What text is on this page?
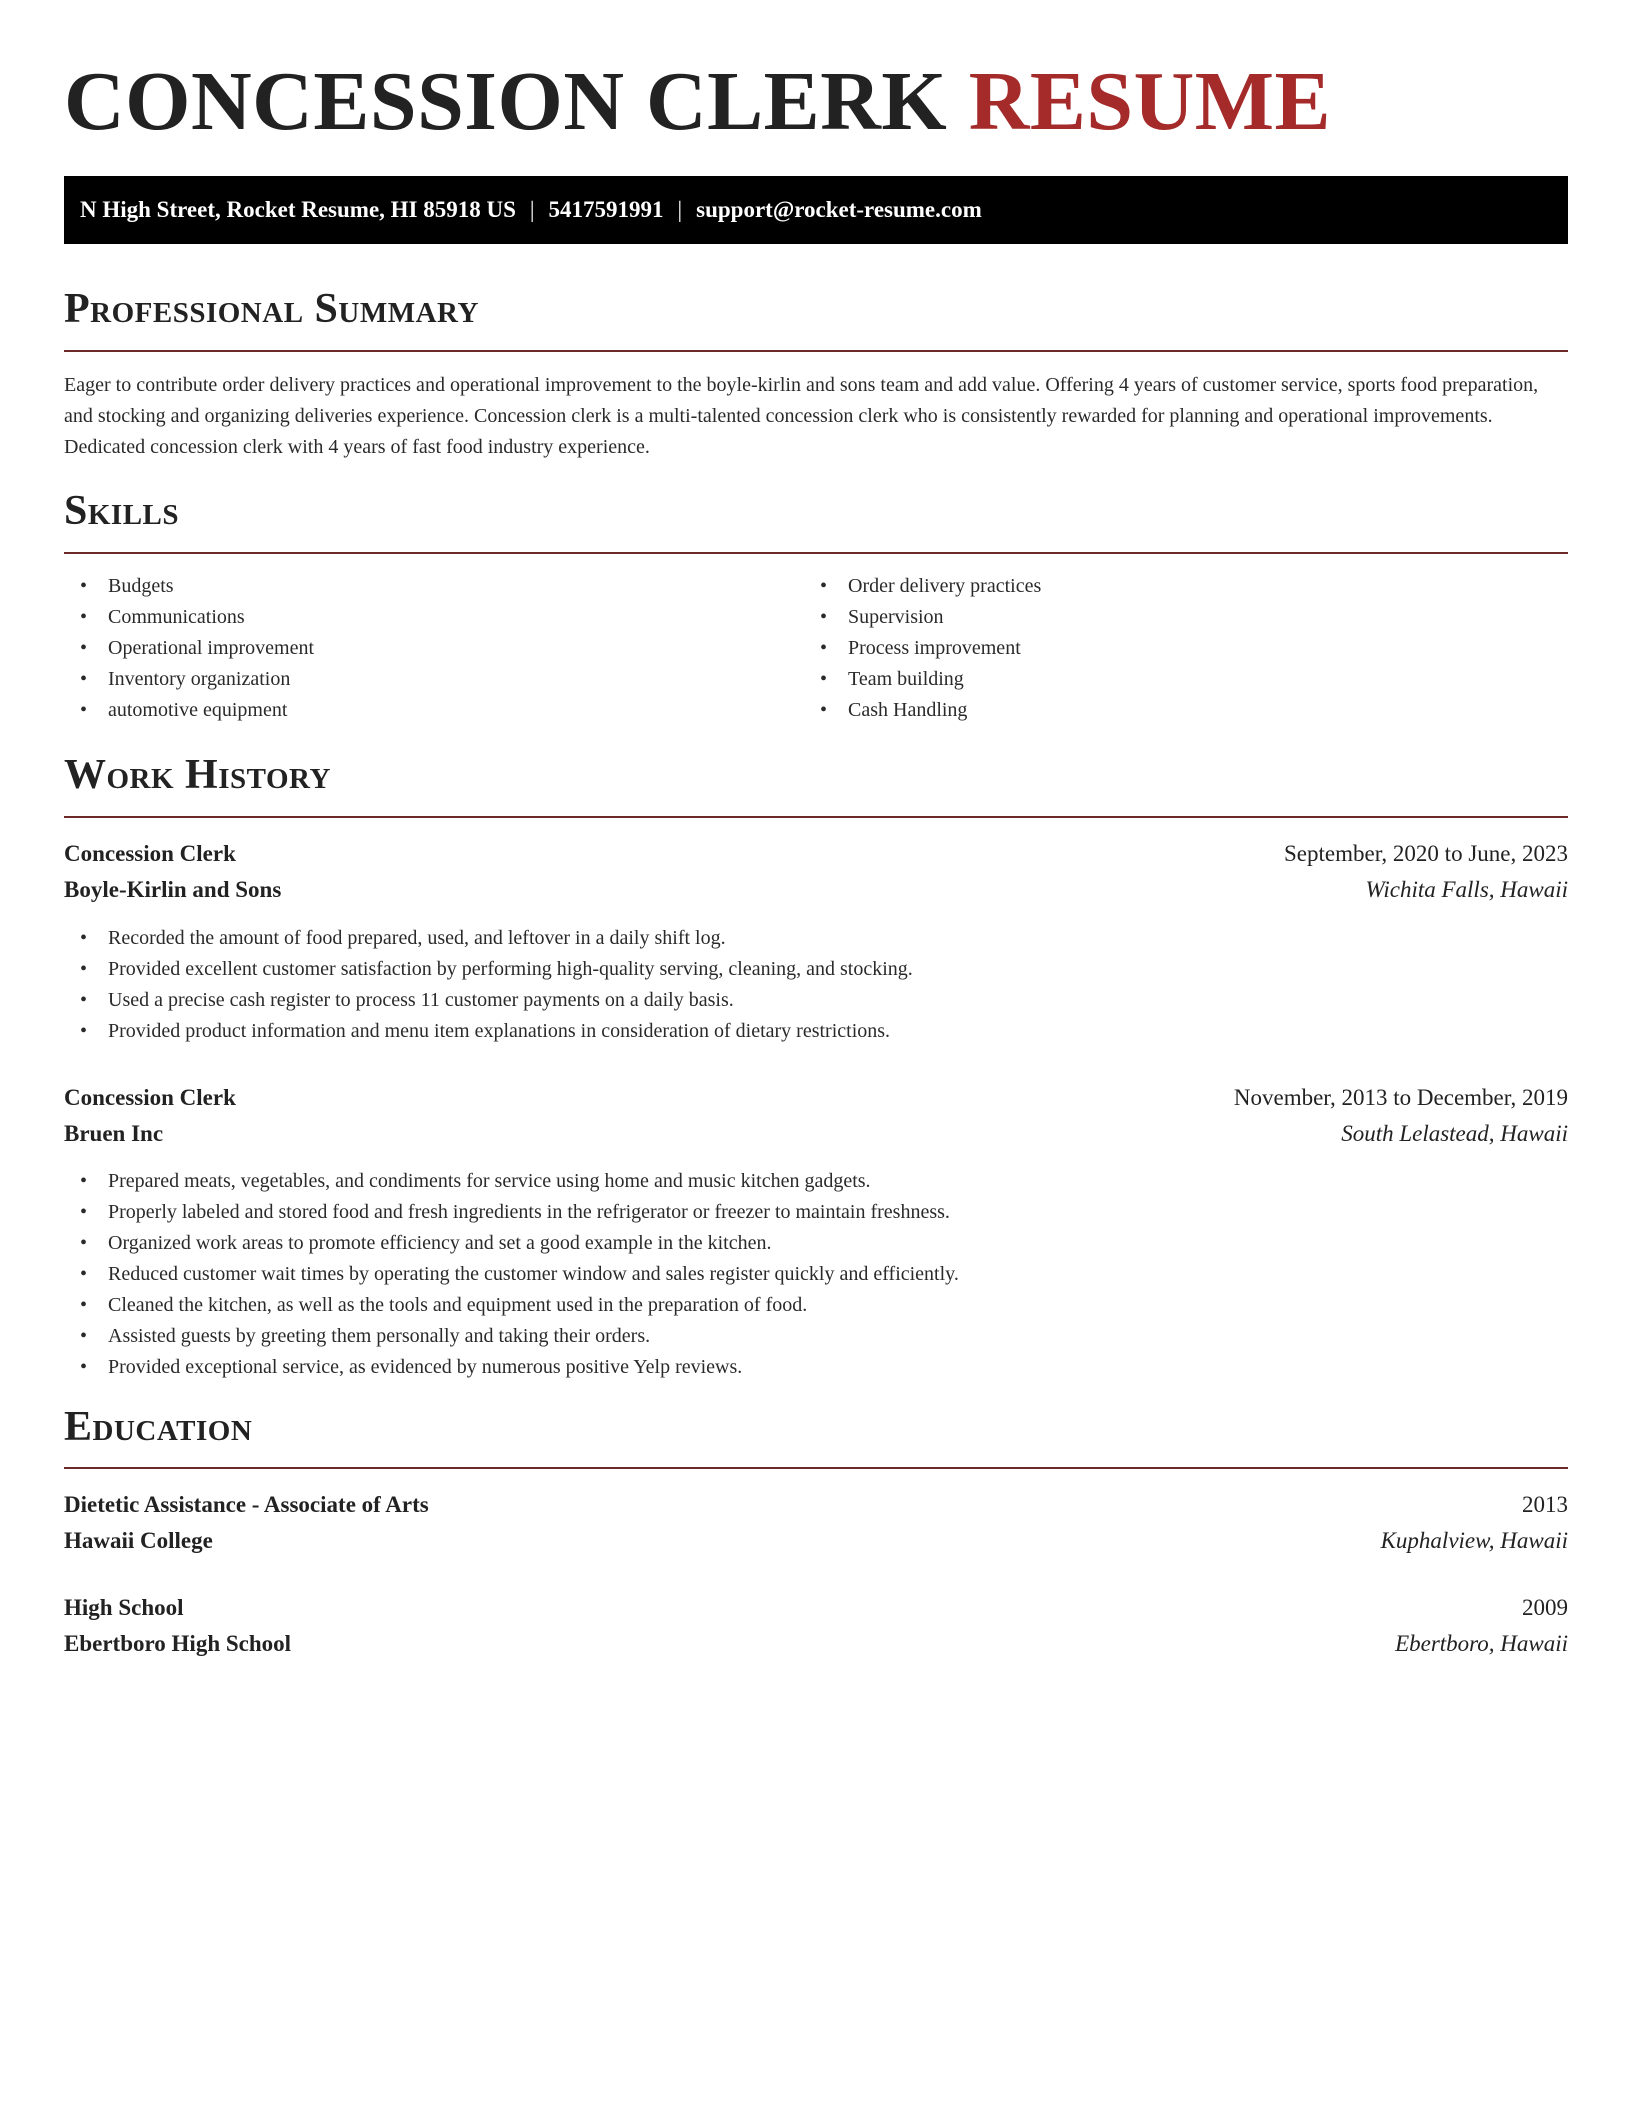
CONCESSION CLERK RESUME
N High Street, Rocket Resume, HI 85918 US | 5417591991 | support@rocket-resume.com
Professional Summary

Eager to contribute order delivery practices and operational improvement to the boyle-kirlin and sons team and add value. Offering 4 years of customer service, sports food preparation, and stocking and organizing deliveries experience. Concession clerk is a multi-talented concession clerk who is consistently rewarded for planning and operational improvements. Dedicated concession clerk with 4 years of fast food industry experience.

Skills
• Budgets
• Communications
• Operational improvement
• Inventory organization
• automotive equipment
• Order delivery practices
• Supervision
• Process improvement
• Team building
• Cash Handling
Work History
Concession Clerk	September, 2020 to June, 2023
Boyle-Kirlin and Sons	Wichita Falls, Hawaii
• Recorded the amount of food prepared, used, and leftover in a daily shift log.
• Provided excellent customer satisfaction by performing high-quality serving, cleaning, and stocking.
• Used a precise cash register to process 11 customer payments on a daily basis.
• Provided product information and menu item explanations in consideration of dietary restrictions.
Concession Clerk	November, 2013 to December, 2019
Bruen Inc	South Lelastead, Hawaii
• Prepared meats, vegetables, and condiments for service using home and music kitchen gadgets.
• Properly labeled and stored food and fresh ingredients in the refrigerator or freezer to maintain freshness.
• Organized work areas to promote efficiency and set a good example in the kitchen.
• Reduced customer wait times by operating the customer window and sales register quickly and efficiently.
• Cleaned the kitchen, as well as the tools and equipment used in the preparation of food.
• Assisted guests by greeting them personally and taking their orders.
• Provided exceptional service, as evidenced by numerous positive Yelp reviews.
Education
Dietetic Assistance - Associate of Arts	2013
Hawaii College	Kuphalview, Hawaii
High School	2009
Ebertboro High School	Ebertboro, Hawaii
